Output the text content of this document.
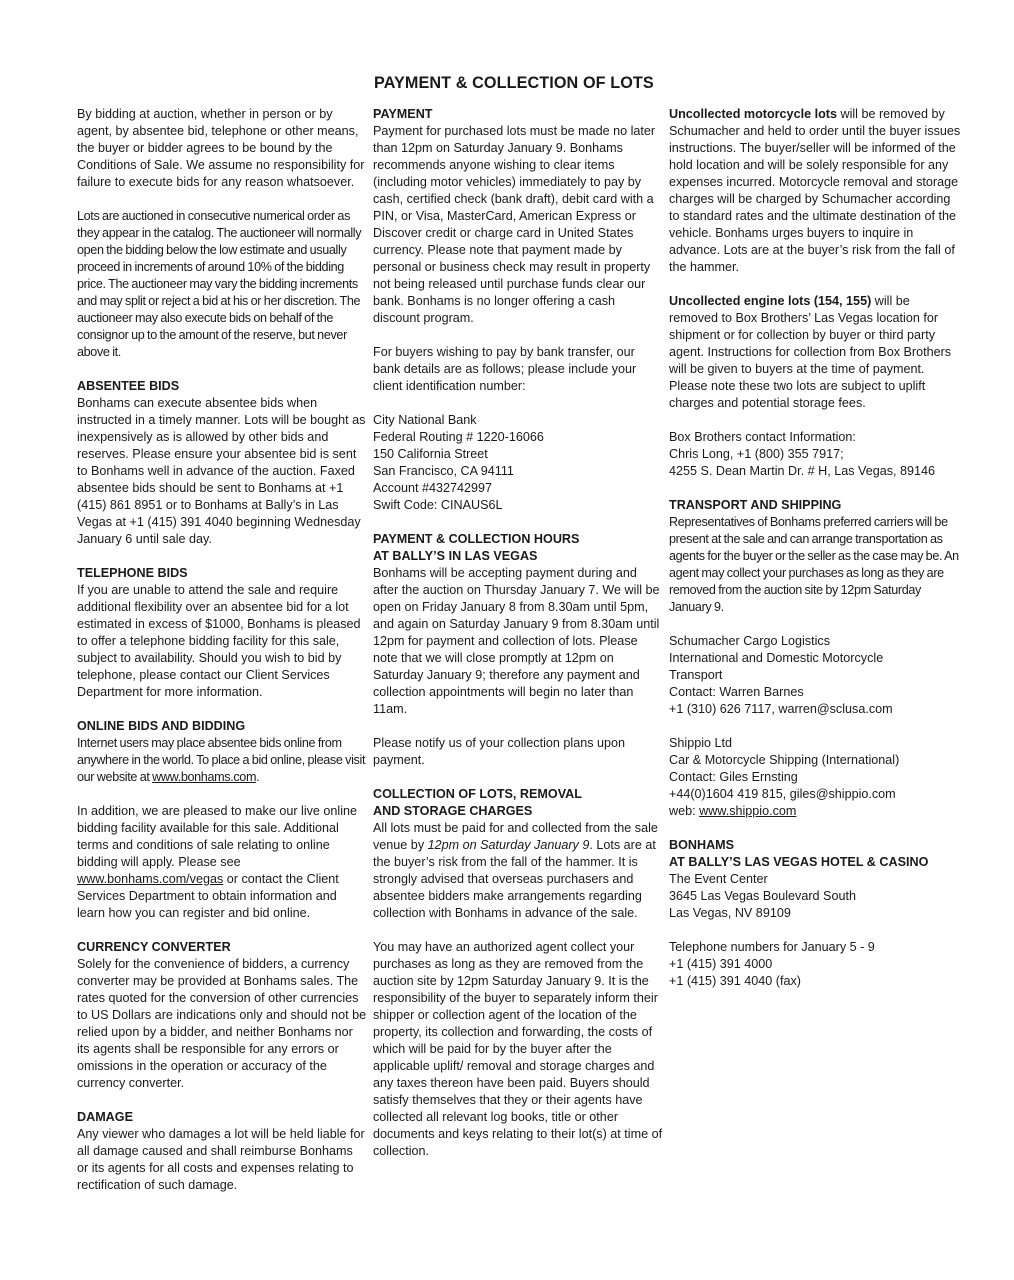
PAYMENT & COLLECTION OF LOTS

By bidding at auction, whether in person or by agent, by absentee bid, telephone or other means, the buyer or bidder agrees to be bound by the Conditions of Sale. We assume no responsibility for failure to execute bids for any reason whatsoever.

Lots are auctioned in consecutive numerical order as they appear in the catalog. The auctioneer will normally open the bidding below the low estimate and usually proceed in increments of around 10% of the bidding price. The auctioneer may vary the bidding increments and may split or reject a bid at his or her discretion. The auctioneer may also execute bids on behalf of the consignor up to the amount of the reserve, but never above it.

ABSENTEE BIDS

Bonhams can execute absentee bids when instructed in a timely manner. Lots will be bought as inexpensively as is allowed by other bids and reserves. Please ensure your absentee bid is sent to Bonhams well in advance of the auction. Faxed absentee bids should be sent to Bonhams at +1 (415) 861 8951 or to Bonhams at Bally’s in Las Vegas at +1 (415) 391 4040 beginning Wednesday January 6 until sale day.

TELEPHONE BIDS

If you are unable to attend the sale and require additional flexibility over an absentee bid for a lot estimated in excess of $1000, Bonhams is pleased to offer a telephone bidding facility for this sale, subject to availability. Should you wish to bid by telephone, please contact our Client Services Department for more information.

ONLINE BIDS AND BIDDING

Internet users may place absentee bids online from anywhere in the world. To place a bid online, please visit our website at www.bonhams.com.

In addition, we are pleased to make our live online bidding facility available for this sale. Additional terms and conditions of sale relating to online bidding will apply. Please see www.bonhams.com/vegas or contact the Client Services Department to obtain information and learn how you can register and bid online.

CURRENCY CONVERTER

Solely for the convenience of bidders, a currency converter may be provided at Bonhams sales. The rates quoted for the conversion of other currencies to US Dollars are indications only and should not be relied upon by a bidder, and neither Bonhams nor its agents shall be responsible for any errors or omissions in the operation or accuracy of the currency converter.

DAMAGE

Any viewer who damages a lot will be held liable for all damage caused and shall reimburse Bonhams or its agents for all costs and expenses relating to rectification of such damage.

PAYMENT

Payment for purchased lots must be made no later than 12pm on Saturday January 9. Bonhams recommends anyone wishing to clear items (including motor vehicles) immediately to pay by cash, certified check (bank draft), debit card with a PIN, or Visa, MasterCard, American Express or Discover credit or charge card in United States currency. Please note that payment made by personal or business check may result in property not being released until purchase funds clear our bank. Bonhams is no longer offering a cash discount program.

For buyers wishing to pay by bank transfer, our bank details are as follows; please include your client identification number:

City National Bank
Federal Routing # 1220-16066
150 California Street
San Francisco, CA 94111
Account #432742997
Swift Code: CINAUS6L

PAYMENT & COLLECTION HOURS
AT BALLY’S IN LAS VEGAS

Bonhams will be accepting payment during and after the auction on Thursday January 7. We will be open on Friday January 8 from 8.30am until 5pm, and again on Saturday January 9 from 8.30am until 12pm for payment and collection of lots. Please note that we will close promptly at 12pm on Saturday January 9; therefore any payment and collection appointments will begin no later than 11am.

Please notify us of your collection plans upon payment.

COLLECTION OF LOTS, REMOVAL
AND STORAGE CHARGES

All lots must be paid for and collected from the sale venue by 12pm on Saturday January 9. Lots are at the buyer’s risk from the fall of the hammer. It is strongly advised that overseas purchasers and absentee bidders make arrangements regarding collection with Bonhams in advance of the sale.

You may have an authorized agent collect your purchases as long as they are removed from the auction site by 12pm Saturday January 9. It is the responsibility of the buyer to separately inform their shipper or collection agent of the location of the property, its collection and forwarding, the costs of which will be paid for by the buyer after the applicable uplift/ removal and storage charges and any taxes thereon have been paid. Buyers should satisfy themselves that they or their agents have collected all relevant log books, title or other documents and keys relating to their lot(s) at time of collection.

Uncollected motorcycle lots will be removed by Schumacher and held to order until the buyer issues instructions. The buyer/seller will be informed of the hold location and will be solely responsible for any expenses incurred. Motorcycle removal and storage charges will be charged by Schumacher according to standard rates and the ultimate destination of the vehicle. Bonhams urges buyers to inquire in advance. Lots are at the buyer’s risk from the fall of the hammer.

Uncollected engine lots (154, 155) will be removed to Box Brothers’ Las Vegas location for shipment or for collection by buyer or third party agent. Instructions for collection from Box Brothers will be given to buyers at the time of payment. Please note these two lots are subject to uplift charges and potential storage fees.

Box Brothers contact Information:
Chris Long, +1 (800) 355 7917;
4255 S. Dean Martin Dr. # H, Las Vegas, 89146

TRANSPORT AND SHIPPING

Representatives of Bonhams preferred carriers will be present at the sale and can arrange transportation as agents for the buyer or the seller as the case may be. An agent may collect your purchases as long as they are removed from the auction site by 12pm Saturday January 9.

Schumacher Cargo Logistics
International and Domestic Motorcycle
Transport
Contact: Warren Barnes
+1 (310) 626 7117, warren@sclusa.com

Shippio Ltd
Car & Motorcycle Shipping (International)
Contact: Giles Ernsting
+44(0)1604 419 815, giles@shippio.com
web: www.shippio.com

BONHAMS
AT BALLY’S LAS VEGAS HOTEL & CASINO

The Event Center
3645 Las Vegas Boulevard South
Las Vegas, NV 89109

Telephone numbers for January 5 - 9
+1 (415) 391 4000
+1 (415) 391 4040 (fax)
